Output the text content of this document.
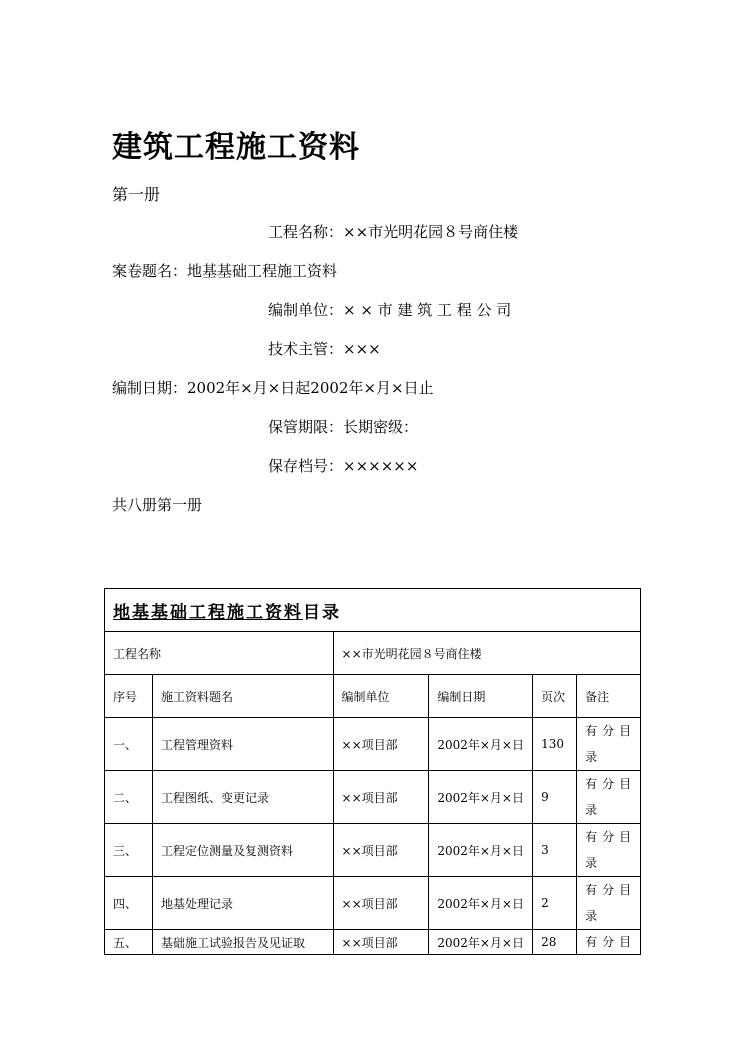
建筑工程施工资料
第一册
工程名称：××市光明花园８号商住楼
案卷题名：地基基础工程施工资料
编制单位：× × 市 建 筑 工 程 公 司
技术主管：×××
编制日期：2002年×月×日起2002年×月×日止
保管期限：长期密级：
保存档号：××××××
共八册第一册
地基基础工程施工资料目录					
工程名称		××市光明花园８号商住楼			
序号	施工资料题名	编制单位	编制日期	页次	备注
一、	工程管理资料	××项目部	2002年×月×日	130	有分目录
二、	工程图纸、变更记录	××项目部	2002年×月×日	9	有分目录
三、	工程定位测量及复测资料	××项目部	2002年×月×日	3	有分目录
四、	地基处理记录	××项目部	2002年×月×日	2	有分目录
五、	基础施工试验报告及见证取	××项目部	2002年×月×日	28	有分目
